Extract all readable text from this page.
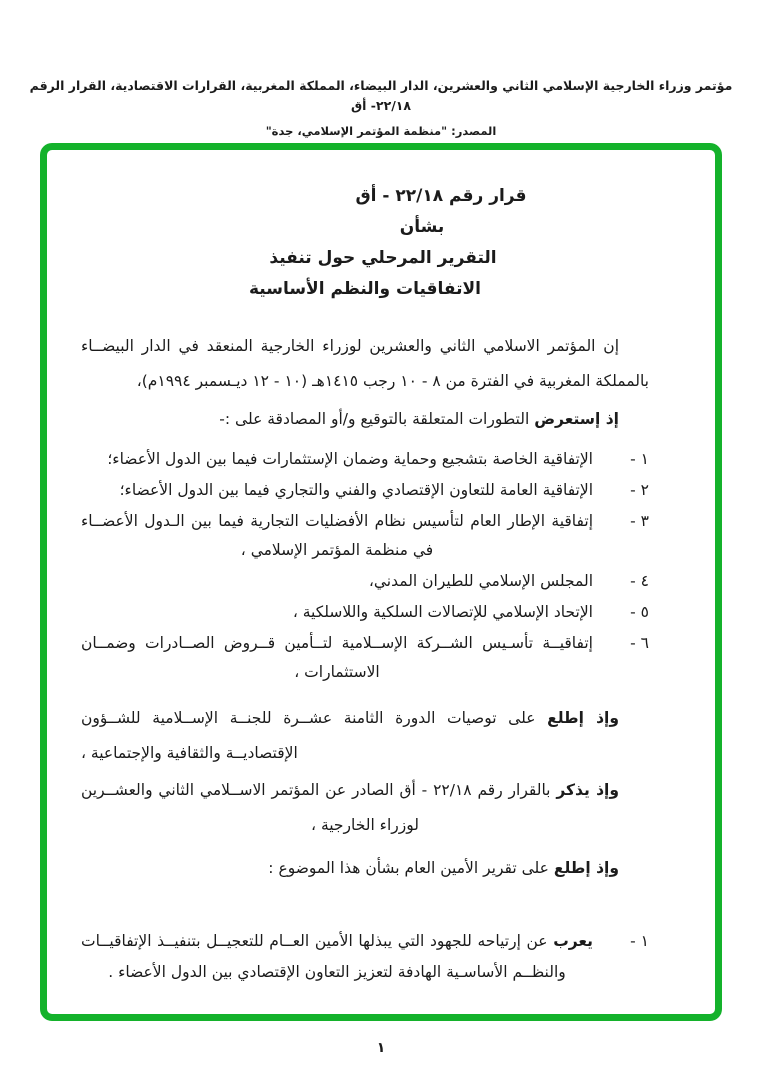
مؤتمر وزراء الخارجية الإسلامي الثاني والعشرين، الدار البيضاء، المملكة المغربية، القرارات الاقتصادية، القرار الرقم ٢٢/١٨- أق
المصدر: "منظمة المؤتمر الإسلامي، جدة"
قرار رقم ٢٢/١٨ - أق
بشأن
التقرير المرحلي حول تنفيذ
الاتفاقيات والنظم الأساسية

إن المؤتمر الاسلامي الثاني والعشرين لوزراء الخارجية المنعقد في الدار البيضــاء بالمملكة المغربية في الفترة من ٨ - ١٠ رجب ١٤١٥هـ (١٠ - ١٢ ديـسمبر ١٩٩٤م)،

إذ إستعرض التطورات المتعلقة بالتوقيع و/أو المصادقة على :-

١ -
الإتفاقية الخاصة بتشجيع وحماية وضمان الإستثمارات فيما بين الدول الأعضاء؛
٢ -
الإتفاقية العامة للتعاون الإقتصادي والفني والتجاري فيما بين الدول الأعضاء؛
٣ -
إتفاقية الإطار العام لتأسيس نظام الأفضليات التجارية فيما بين الـدول الأعضــاء في منظمة المؤتمر الإسلامي ،
٤ -
المجلس الإسلامي للطيران المدني،
٥ -
الإتحاد الإسلامي للإتصالات السلكية واللاسلكية ،
٦ -
إتفاقيــة تأسـيس الشــركة الإســلامية لتــأمين قــروض الصــادرات وضمــان الاستثمارات ،

وإذ إطلع على توصيات الدورة الثامنة عشــرة للجنــة الإســلامية للشــؤون الإقتصاديــة والثقافية والإجتماعية ،

وإذ يذكر بالقرار رقم ٢٢/١٨ - أق الصادر عن المؤتمر الاســلامي الثاني والعشــرين لوزراء الخارجية ،

وإذ إطلع على تقرير الأمين العام بشأن هذا الموضوع :

١ -
يعرب عن إرتياحه للجهود التي يبذلها الأمين العــام للتعجيــل بتنفيــذ الإتفاقيــات والنظــم الأساسـية الهادفة لتعزيز التعاون الإقتصادي بين الدول الأعضاء .
١
